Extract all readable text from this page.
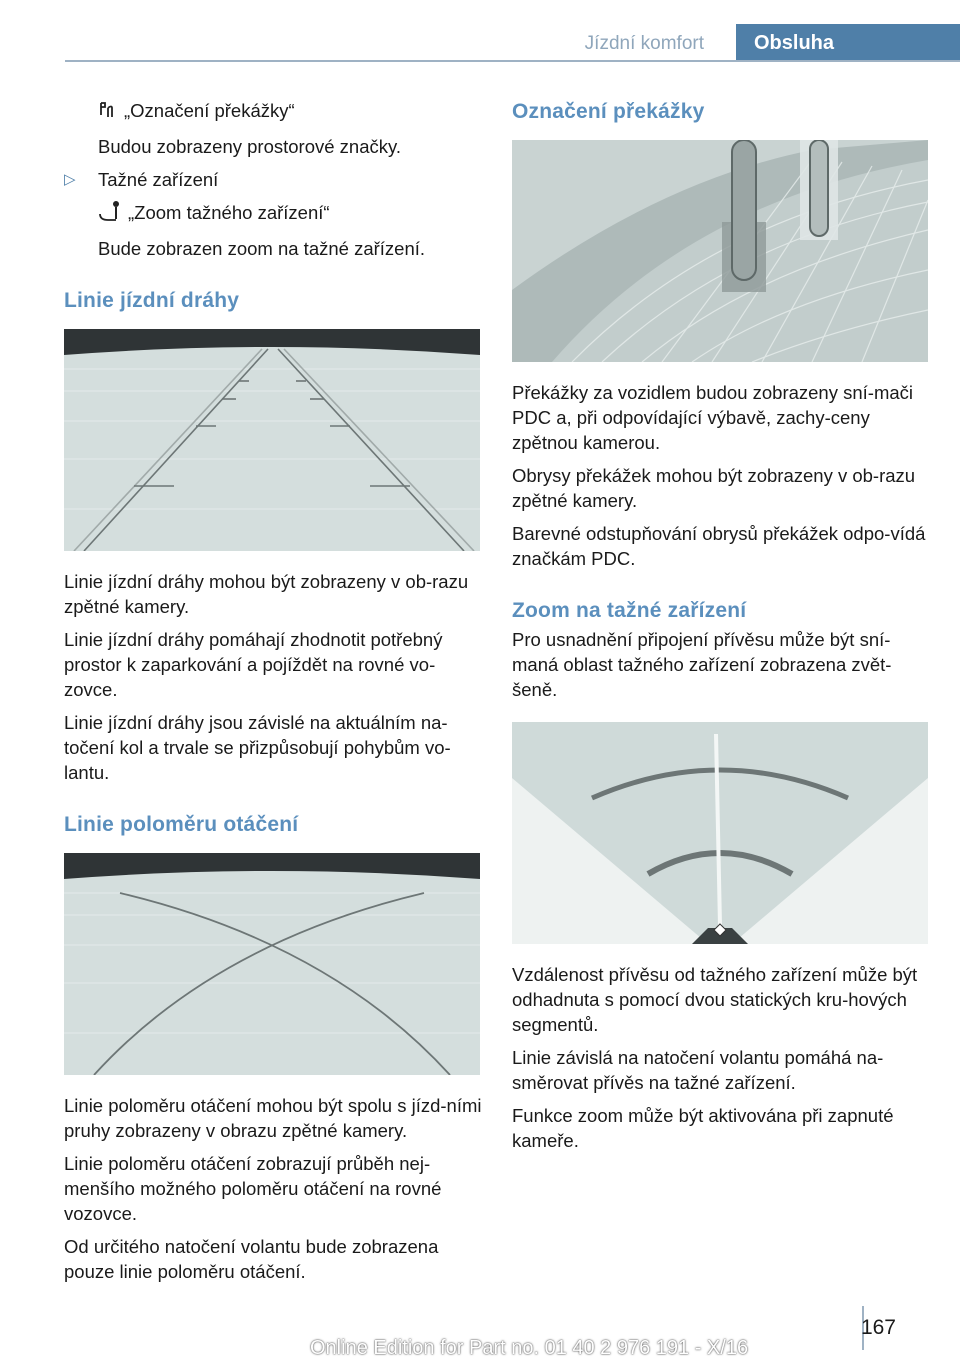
Jízdní komfort	Obsluha

„Označení překážky“

Budou zobrazeny prostorové značky.

▷ Tažné zařízení

„Zoom tažného zařízení“

Bude zobrazen zoom na tažné zařízení.

Linie jízdní dráhy

Linie jízdní dráhy mohou být zobrazeny v ob-razu zpětné kamery.

Linie jízdní dráhy pomáhají zhodnotit potřebný prostor k zaparkování a pojíždět na rovné vo-zovce.

Linie jízdní dráhy jsou závislé na aktuálním na-točení kol a trvale se přizpůsobují pohybům vo-lantu.

Linie poloměru otáčení

Linie poloměru otáčení mohou být spolu s jízd-ními pruhy zobrazeny v obrazu zpětné kamery.

Linie poloměru otáčení zobrazují průběh nej-menšího možného poloměru otáčení na rovné vozovce.

Od určitého natočení volantu bude zobrazena pouze linie poloměru otáčení.

Označení překážky

Překážky za vozidlem budou zobrazeny sní-mači PDC a, při odpovídající výbavě, zachy-ceny zpětnou kamerou.

Obrysy překážek mohou být zobrazeny v ob-razu zpětné kamery.

Barevné odstupňování obrysů překážek odpo-vídá značkám PDC.

Zoom na tažné zařízení

Pro usnadnění připojení přívěsu může být sní-maná oblast tažného zařízení zobrazena zvět-šeně.

Vzdálenost přívěsu od tažného zařízení může být odhadnuta s pomocí dvou statických kru-hových segmentů.

Linie závislá na natočení volantu pomáhá na-směrovat přívěs na tažné zařízení.

Funkce zoom může být aktivována při zapnuté kameře.

167
Online Edition for Part no. 01 40 2 976 191 - X/16
